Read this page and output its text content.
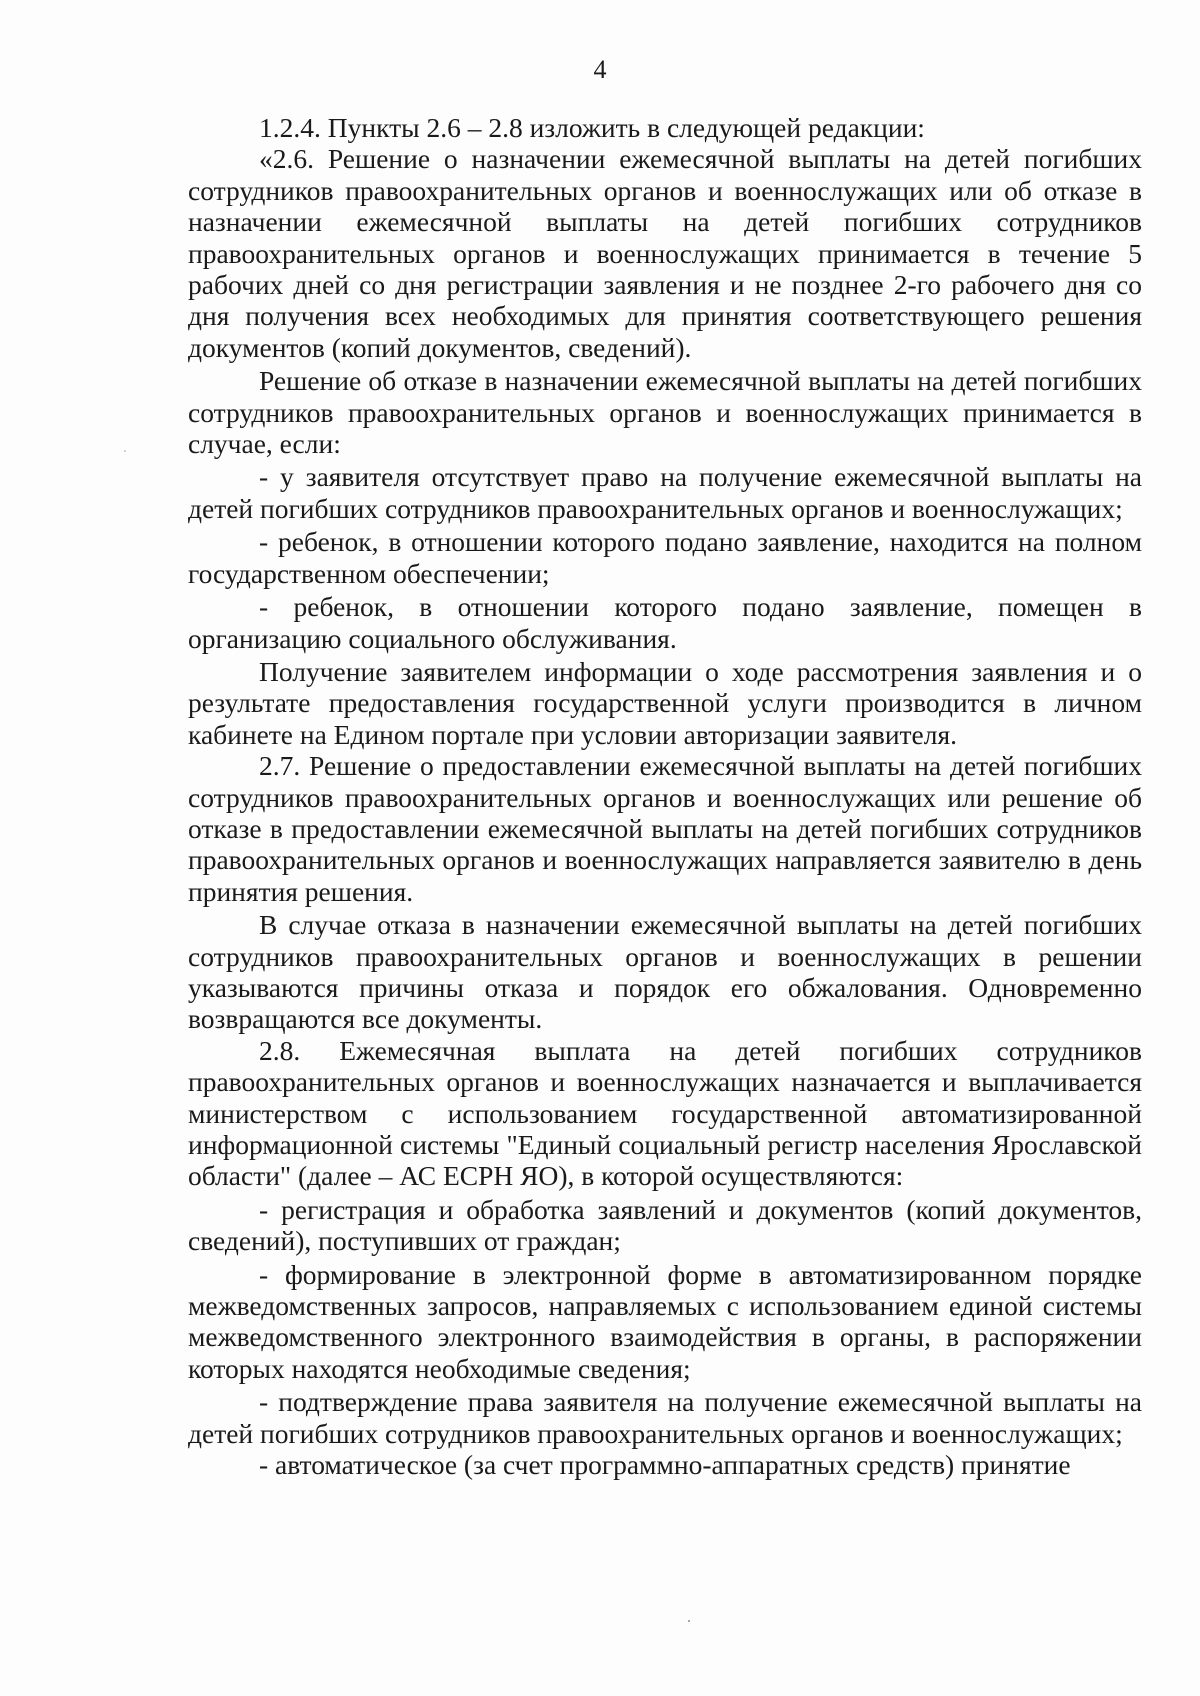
4

1.2.4. Пункты 2.6 – 2.8 изложить в следующей редакции:

«2.6. Решение о назначении ежемесячной выплаты на детей погибших сотрудников правоохранительных органов и военнослужащих или об отказе в назначении ежемесячной выплаты на детей погибших сотрудников правоохранительных органов и военнослужащих принимается в течение 5 рабочих дней со дня регистрации заявления и не позднее 2-го рабочего дня со дня получения всех необходимых для принятия соответствующего решения документов (копий документов, сведений).

Решение об отказе в назначении ежемесячной выплаты на детей погибших сотрудников правоохранительных органов и военнослужащих принимается в случае, если:

- у заявителя отсутствует право на получение ежемесячной выплаты на детей погибших сотрудников правоохранительных органов и военнослужащих;

- ребенок, в отношении которого подано заявление, находится на полном государственном обеспечении;

- ребенок, в отношении которого подано заявление, помещен в организацию социального обслуживания.

Получение заявителем информации о ходе рассмотрения заявления и о результате предоставления государственной услуги производится в личном кабинете на Едином портале при условии авторизации заявителя.

2.7. Решение о предоставлении ежемесячной выплаты на детей погибших сотрудников правоохранительных органов и военнослужащих или решение об отказе в предоставлении ежемесячной выплаты на детей погибших сотрудников правоохранительных органов и военнослужащих направляется заявителю в день принятия решения.

В случае отказа в назначении ежемесячной выплаты на детей погибших сотрудников правоохранительных органов и военнослужащих в решении указываются причины отказа и порядок его обжалования. Одновременно возвращаются все документы.

2.8. Ежемесячная выплата на детей погибших сотрудников правоохранительных органов и военнослужащих назначается и выплачивается министерством с использованием государственной автоматизированной информационной системы "Единый социальный регистр населения Ярославской области" (далее – АС ЕСРН ЯО), в которой осуществляются:

- регистрация и обработка заявлений и документов (копий документов, сведений), поступивших от граждан;

- формирование в электронной форме в автоматизированном порядке межведомственных запросов, направляемых с использованием единой системы межведомственного электронного взаимодействия в органы, в распоряжении которых находятся необходимые сведения;

- подтверждение права заявителя на получение ежемесячной выплаты на детей погибших сотрудников правоохранительных органов и военнослужащих;

- автоматическое (за счет программно-аппаратных средств) принятие
